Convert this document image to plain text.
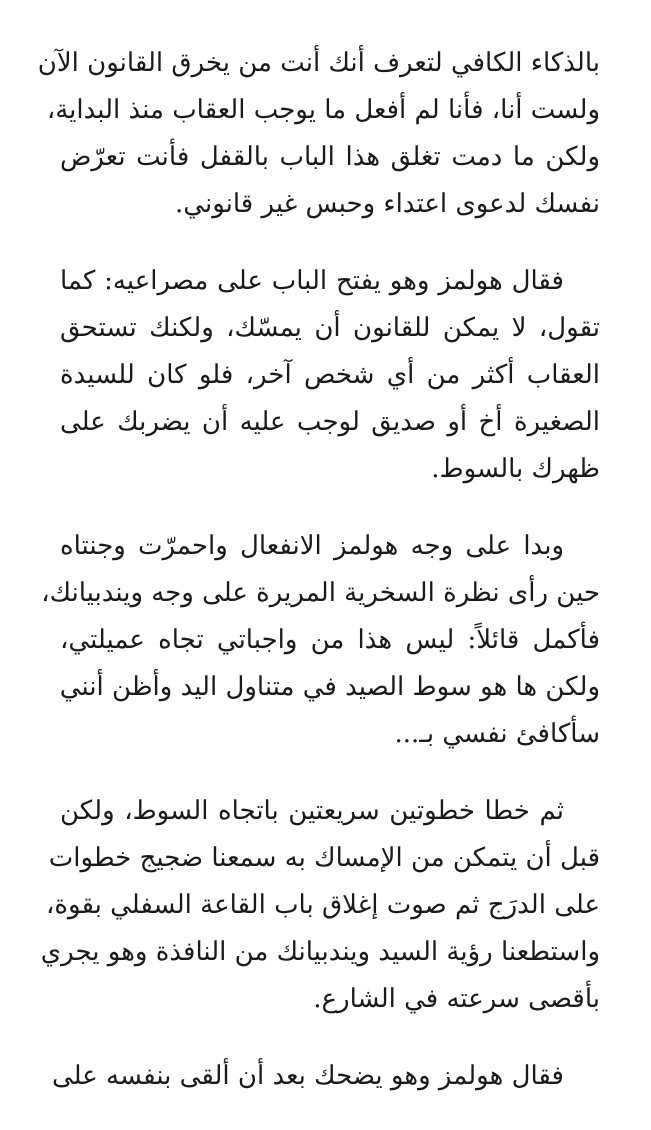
بالذكاء الكافي لتعرف أنك أنت من يخرق القانون الآن
ولست أنا، فأنا لم أفعل ما يوجب العقاب منذ البداية،
ولكن ما دمت تغلق هذا الباب بالقفل فأنت تعرّض
نفسك لدعوى اعتداء وحبس غير قانوني.

فقال هولمز وهو يفتح الباب على مصراعيه: كما
تقول، لا يمكن للقانون أن يمسّك، ولكنك تستحق
العقاب أكثر من أي شخص آخر، فلو كان للسيدة
الصغيرة أخ أو صديق لوجب عليه أن يضربك على
ظهرك بالسوط.

وبدا على وجه هولمز الانفعال واحمرّت وجنتاه
حين رأى نظرة السخرية المريرة على وجه ويندبيانك،
فأكمل قائلاً: ليس هذا من واجباتي تجاه عميلتي،
ولكن ها هو سوط الصيد في متناول اليد وأظن أنني
سأكافئ نفسي بـ...

ثم خطا خطوتين سريعتين باتجاه السوط، ولكن
قبل أن يتمكن من الإمساك به سمعنا ضجيج خطوات
على الدرَج ثم صوت إغلاق باب القاعة السفلي بقوة،
واستطعنا رؤية السيد ويندبيانك من النافذة وهو يجري
بأقصى سرعته في الشارع.

فقال هولمز وهو يضحك بعد أن ألقى بنفسه على
